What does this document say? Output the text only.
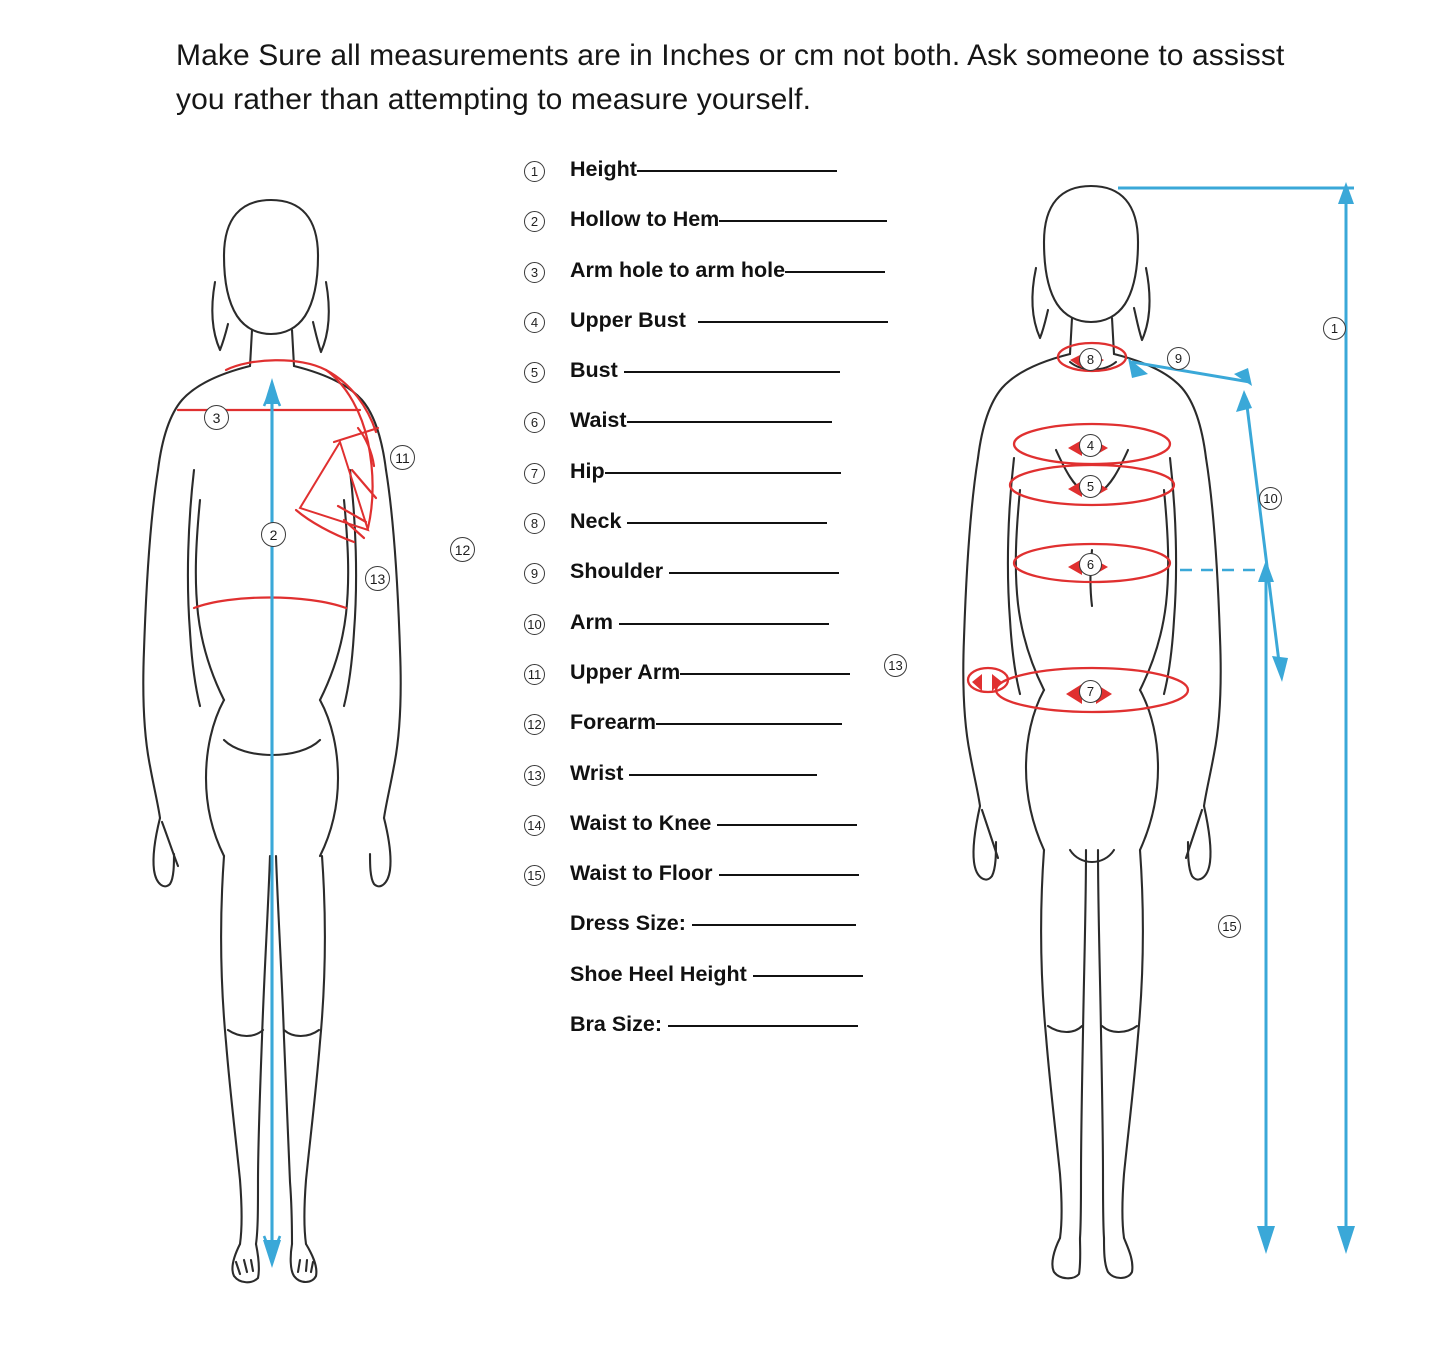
Make Sure all measurements are in Inches or cm not both. Ask someone to assisst you rather than attempting to measure yourself.
3
11
2
12
13
8	9
1
4
5
10
6
13
7
15
1	Height
2	Hollow to Hem
3	Arm hole to arm hole
4	Upper Bust
5	Bust
6	Waist
7	Hip
8	Neck
9	Shoulder
10	Arm
11	Upper Arm
12	Forearm
13	Wrist
14	Waist to Knee
15	Waist to Floor
Dress Size:
Shoe Heel Height
Bra Size:
